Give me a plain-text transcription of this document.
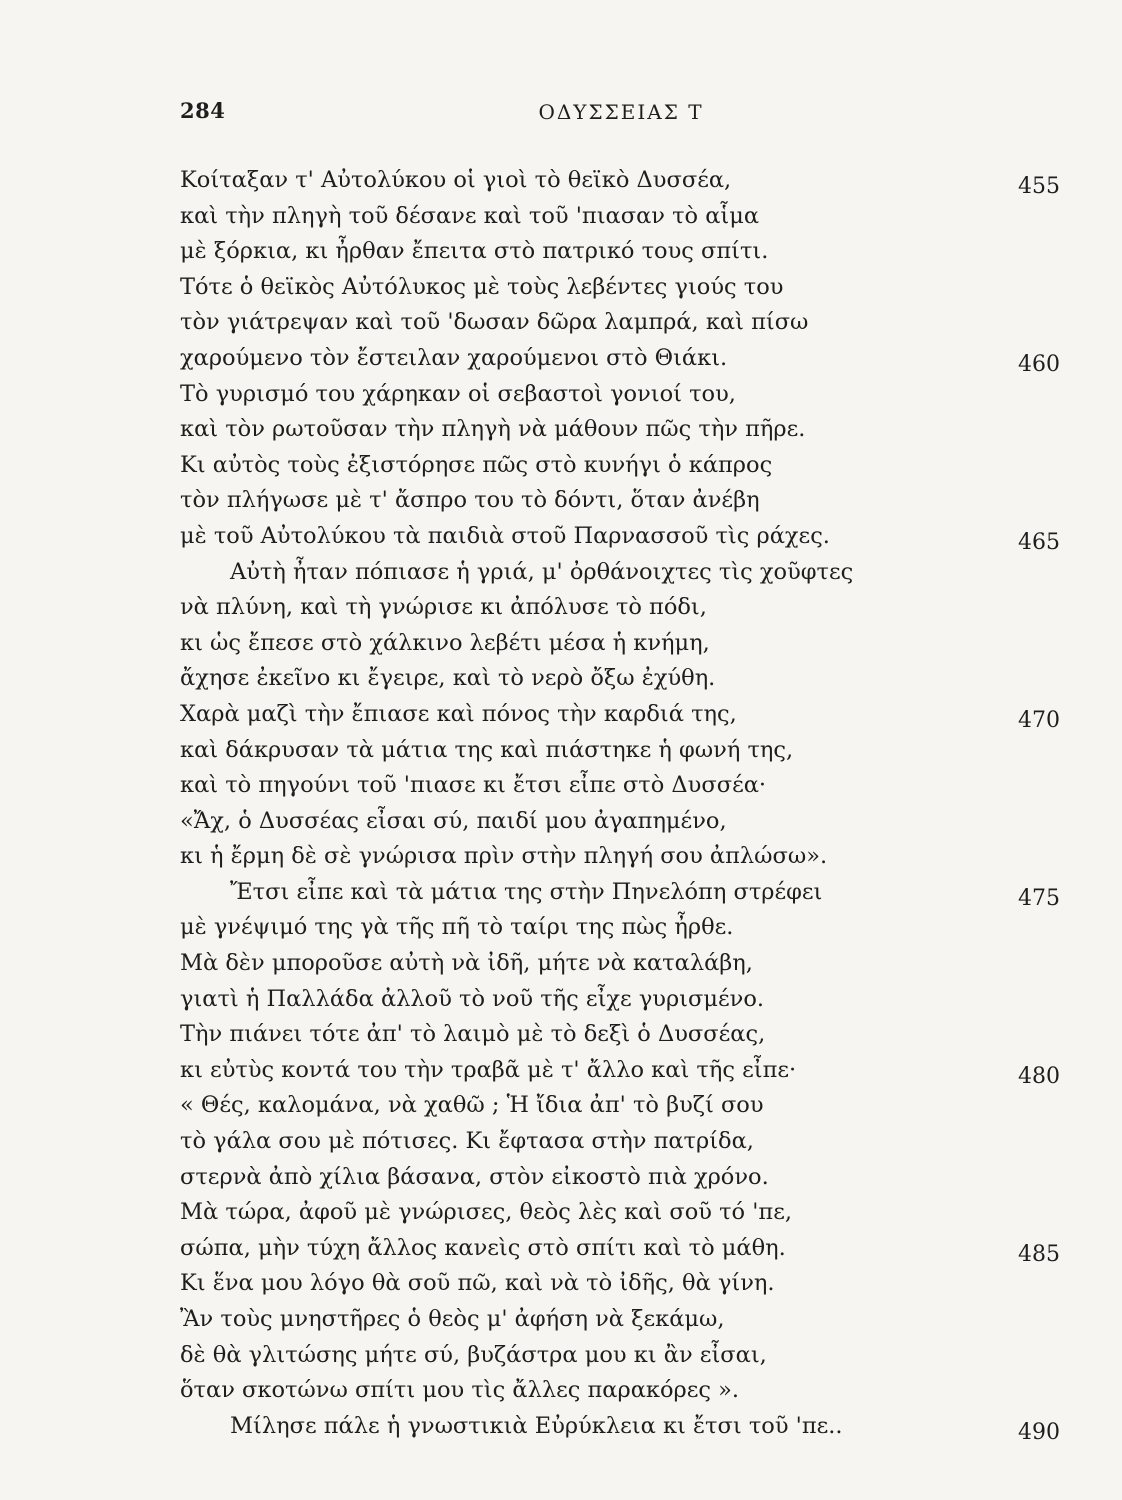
284	ΟΔΥΣΣΕΙΑΣ Τ
Κοίταξαν τ' Αὐτολύκου οἱ γιοὶ τὸ θεϊκὸ Δυσσέα,	455
καὶ τὴν πληγὴ τοῦ δέσανε καὶ τοῦ 'πιασαν τὸ αἷμα
μὲ ξόρκια, κι ἦρθαν ἔπειτα στὸ πατρικό τους σπίτι.
Τότε ὁ θεϊκὸς Αὐτόλυκος μὲ τοὺς λεβέντες γιούς του
τὸν γιάτρεψαν καὶ τοῦ 'δωσαν δῶρα λαμπρά, καὶ πίσω
χαρούμενο τὸν ἔστειλαν χαρούμενοι στὸ Θιάκι.	460
Τὸ γυρισμό του χάρηκαν οἱ σεβαστοὶ γονιοί του,
καὶ τὸν ρωτοῦσαν τὴν πληγὴ νὰ μάθουν πῶς τὴν πῆρε.
Κι αὐτὸς τοὺς ἐξιστόρησε πῶς στὸ κυνήγι ὁ κάπρος
τὸν πλήγωσε μὲ τ' ἄσπρο του τὸ δόντι, ὅταν ἀνέβη
μὲ τοῦ Αὐτολύκου τὰ παιδιὰ στοῦ Παρνασσοῦ τὶς ράχες.	465
Αὐτὴ ἦταν πόπιασε ἡ γριά, μ' ὀρθάνοιχτες τὶς χοῦφτες
νὰ πλύνη, καὶ τὴ γνώρισε κι ἀπόλυσε τὸ πόδι,
κι ὡς ἔπεσε στὸ χάλκινο λεβέτι μέσα ἡ κνήμη,
ἄχησε ἐκεῖνο κι ἔγειρε, καὶ τὸ νερὸ ὄξω ἐχύθη.
Χαρὰ μαζὶ τὴν ἔπιασε καὶ πόνος τὴν καρδιά της,	470
καὶ δάκρυσαν τὰ μάτια της καὶ πιάστηκε ἡ φωνή της,
καὶ τὸ πηγούνι τοῦ 'πιασε κι ἔτσι εἶπε στὸ Δυσσέα·
«Ἄχ, ὁ Δυσσέας εἶσαι σύ, παιδί μου ἀγαπημένο,
κι ἡ ἔρμη δὲ σὲ γνώρισα πρὶν στὴν πληγή σου ἀπλώσω».
Ἔτσι εἶπε καὶ τὰ μάτια της στὴν Πηνελόπη στρέφει	475
μὲ γνέψιμό της γὰ τῆς πῆ τὸ ταίρι της πὼς ἦρθε.
Μὰ δὲν μποροῦσε αὐτὴ νὰ ἰδῆ, μήτε νὰ καταλάβη,
γιατὶ ἡ Παλλάδα ἀλλοῦ τὸ νοῦ τῆς εἶχε γυρισμένο.
Τὴν πιάνει τότε ἀπ' τὸ λαιμὸ μὲ τὸ δεξὶ ὁ Δυσσέας,
κι εὐτὺς κοντά του τὴν τραβᾶ μὲ τ' ἄλλο καὶ τῆς εἶπε·	480
« Θές, καλομάνα, νὰ χαθῶ ; Ἡ ἴδια ἀπ' τὸ βυζί σου
τὸ γάλα σου μὲ πότισες. Κι ἔφτασα στὴν πατρίδα,
στερνὰ ἀπὸ χίλια βάσανα, στὸν εἰκοστὸ πιὰ χρόνο.
Μὰ τώρα, ἀφοῦ μὲ γνώρισες, θεὸς λὲς καὶ σοῦ τό 'πε,
σώπα, μὴν τύχη ἄλλος κανεὶς στὸ σπίτι καὶ τὸ μάθη.	485
Κι ἕνα μου λόγο θὰ σοῦ πῶ, καὶ νὰ τὸ ἰδῆς, θὰ γίνη.
Ἂν τοὺς μνηστῆρες ὁ θεὸς μ' ἀφήση νὰ ξεκάμω,
δὲ θὰ γλιτώσης μήτε σύ, βυζάστρα μου κι ἂν εἶσαι,
ὅταν σκοτώνω σπίτι μου τὶς ἄλλες παρακόρες ».
Μίλησε πάλε ἡ γνωστικιὰ Εὐρύκλεια κι ἔτσι τοῦ 'πε..	490
